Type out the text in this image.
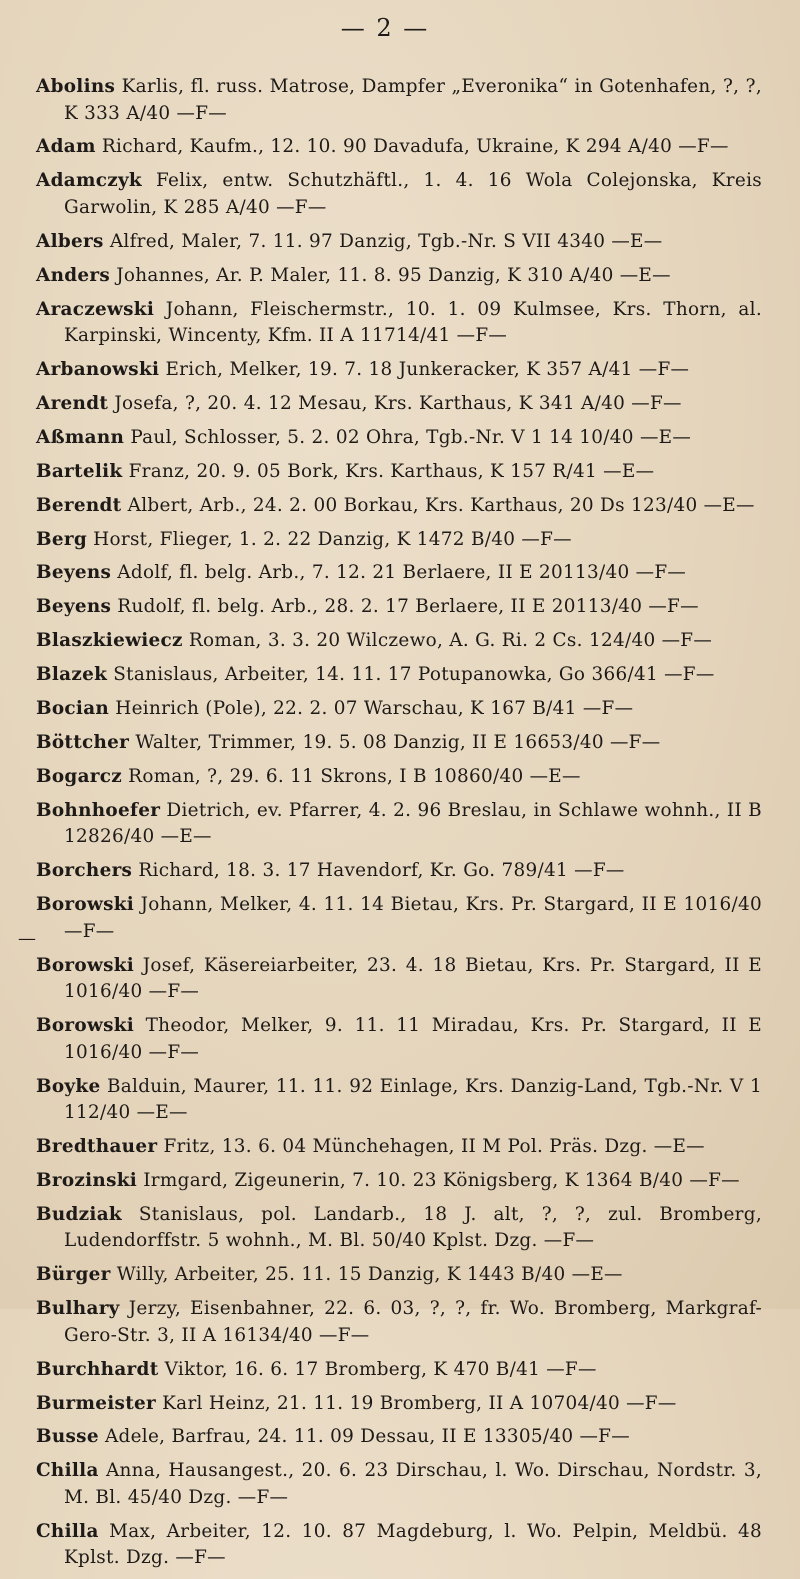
— 2 —
—

Abolins Karlis, fl. russ. Matrose, Dampfer „Everonika“ in Gotenhafen, ?, ?, K 333 A/40 —F—

Adam Richard, Kaufm., 12. 10. 90 Davadufa, Ukraine, K 294 A/40 —F—

Adamczyk Felix, entw. Schutzhäftl., 1. 4. 16 Wola Colejonska, Kreis Garwolin, K 285 A/40 —F—

Albers Alfred, Maler, 7. 11. 97 Danzig, Tgb.-Nr. S VII 4340 —E—

Anders Johannes, Ar. P. Maler, 11. 8. 95 Danzig, K 310 A/40 —E—

Araczewski Johann, Fleischermstr., 10. 1. 09 Kulmsee, Krs. Thorn, al. Karpinski, Wincenty, Kfm. II A 11714/41 —F—

Arbanowski Erich, Melker, 19. 7. 18 Junkeracker, K 357 A/41 —F—

Arendt Josefa, ?, 20. 4. 12 Mesau, Krs. Karthaus, K 341 A/40 —F—

Aßmann Paul, Schlosser, 5. 2. 02 Ohra, Tgb.-Nr. V 1 14 10/40 —E—

Bartelik Franz, 20. 9. 05 Bork, Krs. Karthaus, K 157 R/41 —E—

Berendt Albert, Arb., 24. 2. 00 Borkau, Krs. Karthaus, 20 Ds 123/40 —E—

Berg Horst, Flieger, 1. 2. 22 Danzig, K 1472 B/40 —F—

Beyens Adolf, fl. belg. Arb., 7. 12. 21 Berlaere, II E 20113/40 —F—

Beyens Rudolf, fl. belg. Arb., 28. 2. 17 Berlaere, II E 20113/40 —F—

Blaszkiewiecz Roman, 3. 3. 20 Wilczewo, A. G. Ri. 2 Cs. 124/40 —F—

Blazek Stanislaus, Arbeiter, 14. 11. 17 Potupanowka, Go 366/41 —F—

Bocian Heinrich (Pole), 22. 2. 07 Warschau, K 167 B/41 —F—

Böttcher Walter, Trimmer, 19. 5. 08 Danzig, II E 16653/40 —F—

Bogarcz Roman, ?, 29. 6. 11 Skrons, I B 10860/40 —E—

Bohnhoefer Dietrich, ev. Pfarrer, 4. 2. 96 Breslau, in Schlawe wohnh., II B 12826/40 —E—

Borchers Richard, 18. 3. 17 Havendorf, Kr. Go. 789/41 —F—

Borowski Johann, Melker, 4. 11. 14 Bietau, Krs. Pr. Stargard, II E 1016/40 —F—

Borowski Josef, Käsereiarbeiter, 23. 4. 18 Bietau, Krs. Pr. Stargard, II E 1016/40 —F—

Borowski Theodor, Melker, 9. 11. 11 Miradau, Krs. Pr. Stargard, II E 1016/40 —F—

Boyke Balduin, Maurer, 11. 11. 92 Einlage, Krs. Danzig-Land, Tgb.-Nr. V 1 112/40 —E—

Bredthauer Fritz, 13. 6. 04 Münchehagen, II M Pol. Präs. Dzg. —E—

Brozinski Irmgard, Zigeunerin, 7. 10. 23 Königsberg, K 1364 B/40 —F—

Budziak Stanislaus, pol. Landarb., 18 J. alt, ?, ?, zul. Bromberg, Ludendorffstr. 5 wohnh., M. Bl. 50/40 Kplst. Dzg. —F—

Bürger Willy, Arbeiter, 25. 11. 15 Danzig, K 1443 B/40 —E—

Bulhary Jerzy, Eisenbahner, 22. 6. 03, ?, ?, fr. Wo. Bromberg, Markgraf-Gero-Str. 3, II A 16134/40 —F—

Burchhardt Viktor, 16. 6. 17 Bromberg, K 470 B/41 —F—

Burmeister Karl Heinz, 21. 11. 19 Bromberg, II A 10704/40 —F—

Busse Adele, Barfrau, 24. 11. 09 Dessau, II E 13305/40 —F—

Chilla Anna, Hausangest., 20. 6. 23 Dirschau, l. Wo. Dirschau, Nordstr. 3, M. Bl. 45/40 Dzg. —F—

Chilla Max, Arbeiter, 12. 10. 87 Magdeburg, l. Wo. Pelpin, Meldbü. 48 Kplst. Dzg. —F—
